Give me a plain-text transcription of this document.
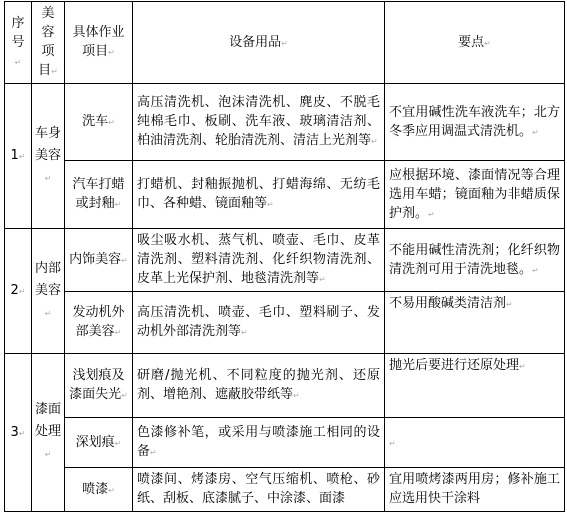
序号↵	美容项目↵	具体作业项目↵	设备用品↵	要点↵
1↵	车身美容↵	洗车↵	高压清洗机、泡沫清洗机、麂皮、不脱毛纯棉毛巾、板刷、洗车液、玻璃清洁剂、柏油清洗剂、轮胎清洗剂、清洁上光剂等↵	不宜用碱性洗车液洗车；北方冬季应用调温式清洗机。↵
		汽车打蜡或封釉↵	打蜡机、封釉振抛机、打蜡海绵、无纺毛巾、各种蜡、镜面釉等↵	应根据环境、漆面情况等合理选用车蜡；镜面釉为非蜡质保护剂。↵
2↵	内部美容↵	内饰美容↵	吸尘吸水机、蒸气机、喷壶、毛巾、皮革清洗剂、塑料清洗剂、化纤织物清洗剂、皮革上光保护剂、地毯清洗剂等↵	不能用碱性清洗剂；化纤织物清洗剂可用于清洗地毯。↵
		发动机外部美容↵	高压清洗机、喷壶、毛巾、塑料刷子、发动机外部清洗剂等↵	不易用酸碱类清洁剂↵
3↵	漆面处理↵	浅划痕及漆面失光↵	研磨/抛光机、不同粒度的抛光剂、还原剂、增艳剂、遮蔽胶带纸等↵	抛光后要进行还原处理↵
		深划痕↵	色漆修补笔，或采用与喷漆施工相同的设备↵	↵
		喷漆↵	喷漆间、烤漆房、空气压缩机、喷枪、砂纸、刮板、底漆腻子、中涂漆、面漆	宜用喷烤漆两用房；修补施工应选用快干涂料
